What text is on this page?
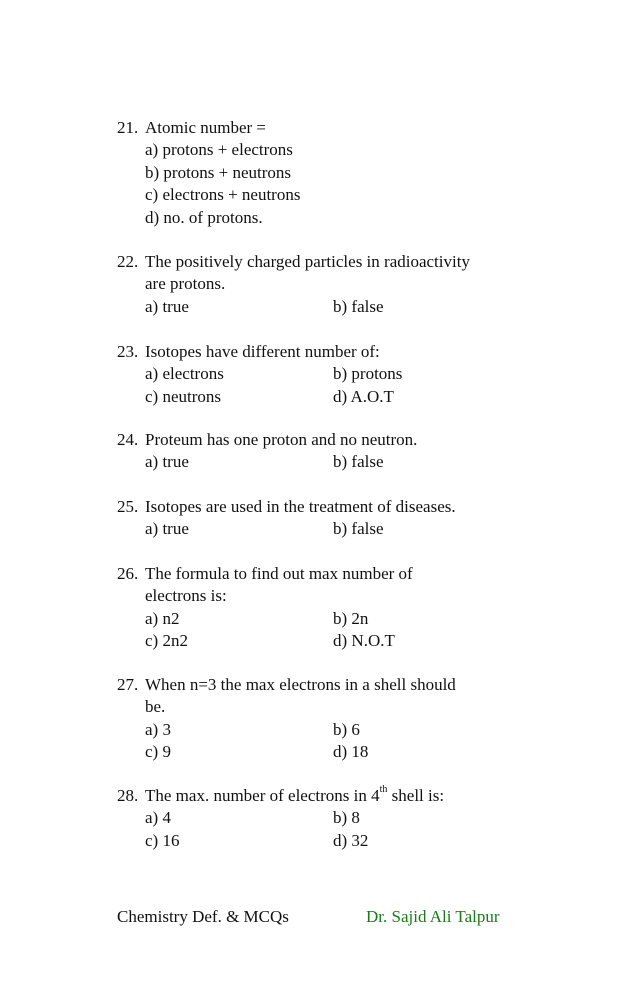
21. Atomic number =
a) protons + electrons
b) protons + neutrons
c) electrons + neutrons
d) no. of protons.
22. The positively charged particles in radioactivity
are protons.
a) true	b) false
23. Isotopes have different number of:
a) electrons	b) protons
c) neutrons	d) A.O.T
24. Proteum has one proton and no neutron.
a) true	b) false
25. Isotopes are used in the treatment of diseases.
a) true	b) false
26. The formula to find out max number of
electrons is:
a) n2	b) 2n
c) 2n2	d) N.O.T
27. When n=3 the max electrons in a shell should
be.
a) 3	b) 6
c) 9	d) 18
28. The max. number of electrons in 4th shell is:
a) 4	b) 8
c) 16	d) 32
Chemistry Def. & MCQs	Dr. Sajid Ali Talpur
